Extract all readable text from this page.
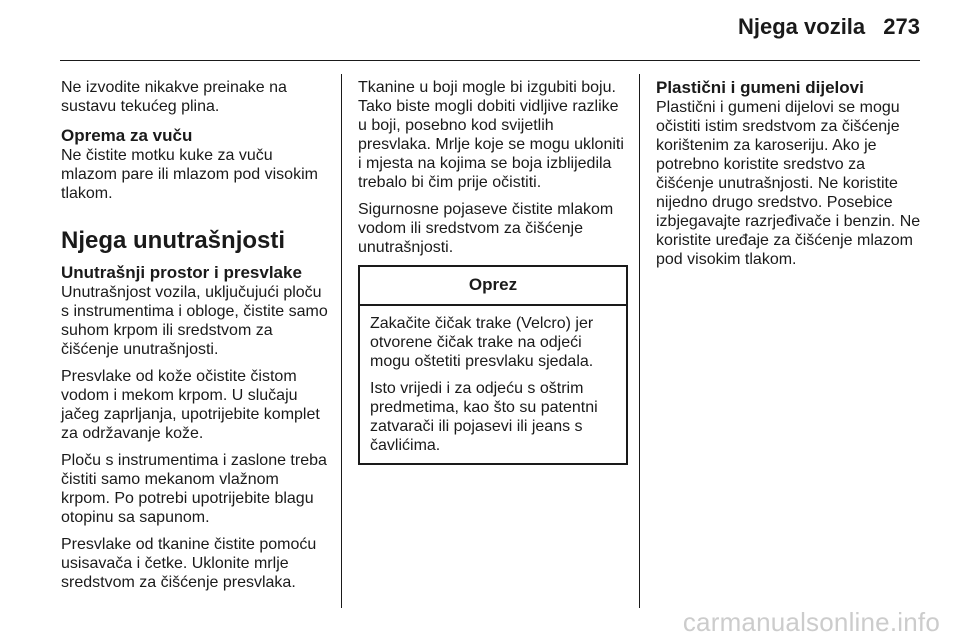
Njega vozila 273

Ne izvodite nikakve preinake na sustavu tekućeg plina.

Oprema za vuču

Ne čistite motku kuke za vuču mlazom pare ili mlazom pod visokim tlakom.

Njega unutrašnjosti
Unutrašnji prostor i presvlake

Unutrašnjost vozila, uključujući ploču s instrumentima i obloge, čistite samo suhom krpom ili sredstvom za čišćenje unutrašnjosti.

Presvlake od kože očistite čistom vodom i mekom krpom. U slučaju jačeg zaprljanja, upotrijebite komplet za održavanje kože.

Ploču s instrumentima i zaslone treba čistiti samo mekanom vlažnom krpom. Po potrebi upotrijebite blagu otopinu sa sapunom.

Presvlake od tkanine čistite pomoću usisavača i četke. Uklonite mrlje sredstvom za čišćenje presvlaka.

Tkanine u boji mogle bi izgubiti boju. Tako biste mogli dobiti vidljive razlike u boji, posebno kod svijetlih presvlaka. Mrlje koje se mogu ukloniti i mjesta na kojima se boja izblijedila trebalo bi čim prije očistiti.

Sigurnosne pojaseve čistite mlakom vodom ili sredstvom za čišćenje unutrašnjosti.

Oprez

Zakačite čičak trake (Velcro) jer otvorene čičak trake na odjeći mogu oštetiti presvlaku sjedala.

Isto vrijedi i za odjeću s oštrim predmetima, kao što su patentni zatvarači ili pojasevi ili jeans s čavlićima.

Plastični i gumeni dijelovi

Plastični i gumeni dijelovi se mogu očistiti istim sredstvom za čišćenje korištenim za karoseriju. Ako je potrebno koristite sredstvo za čišćenje unutrašnjosti. Ne koristite nijedno drugo sredstvo. Posebice izbjegavajte razrjeđivače i benzin. Ne koristite uređaje za čišćenje mlazom pod visokim tlakom.

carmanualsonline.info
